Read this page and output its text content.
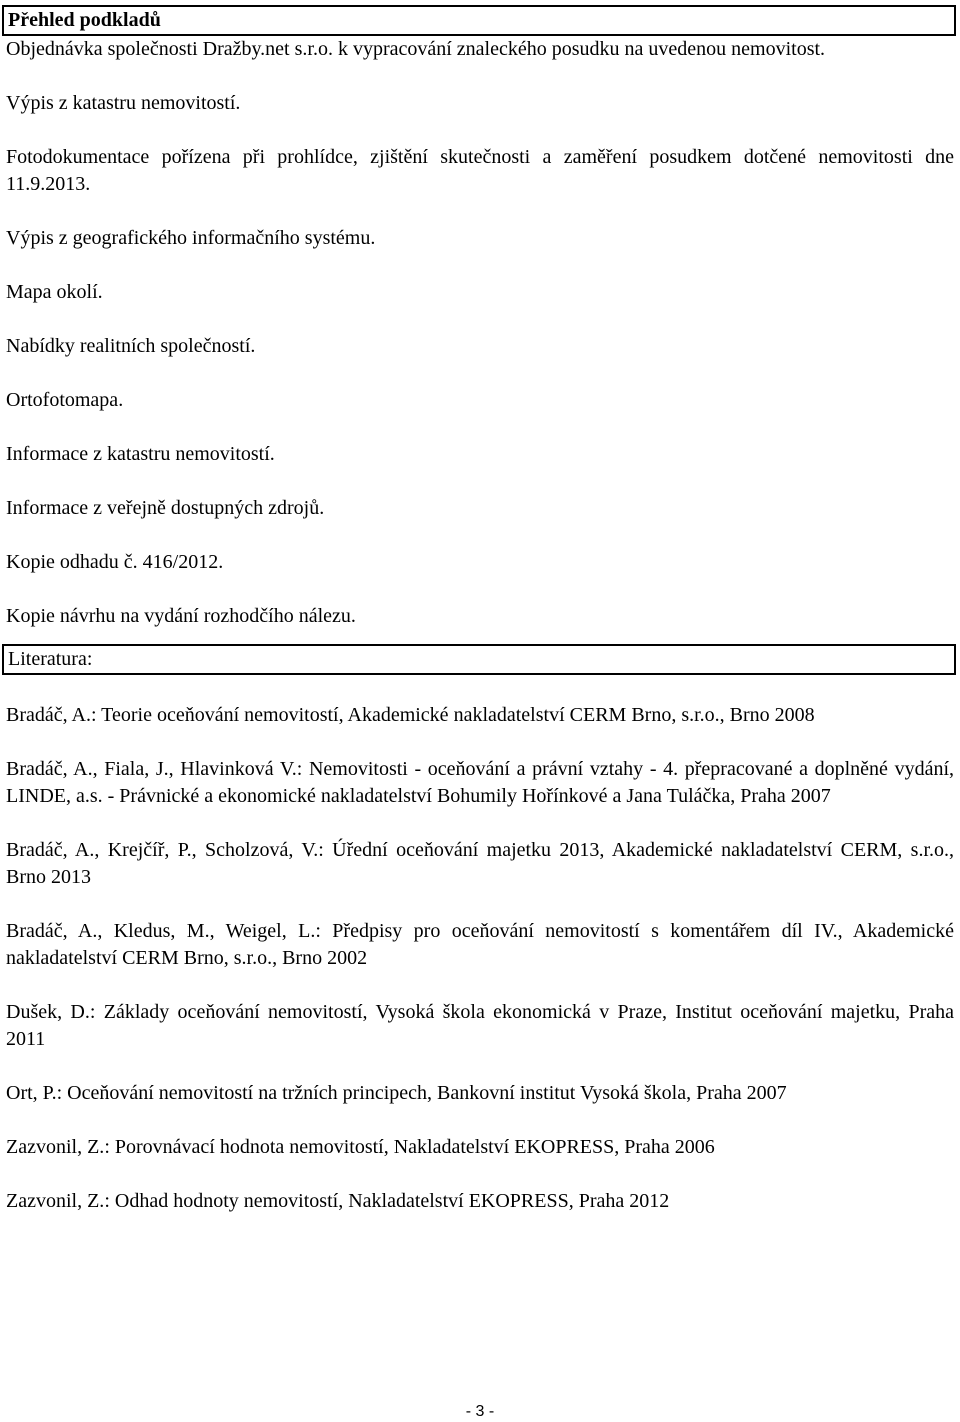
Přehled podkladů

Objednávka společnosti Dražby.net s.r.o. k vypracování znaleckého posudku na uvedenou nemovitost.

Výpis z katastru nemovitostí.

Fotodokumentace pořízena při prohlídce, zjištění skutečnosti a zaměření posudkem dotčené nemovitosti dne 11.9.2013.

Výpis z geografického informačního systému.

Mapa okolí.

Nabídky realitních společností.

Ortofotomapa.

Informace z katastru nemovitostí.

Informace z veřejně dostupných zdrojů.

Kopie odhadu č. 416/2012.

Kopie návrhu na vydání rozhodčího nálezu.

Literatura:

Bradáč, A.: Teorie oceňování nemovitostí, Akademické nakladatelství CERM Brno, s.r.o., Brno 2008

Bradáč, A., Fiala, J., Hlavinková V.: Nemovitosti - oceňování a právní vztahy - 4. přepracované a doplněné vydání, LINDE, a.s. - Právnické a ekonomické nakladatelství Bohumily Hořínkové a Jana Tuláčka, Praha 2007

Bradáč, A., Krejčíř, P., Scholzová, V.: Úřední oceňování majetku 2013, Akademické nakladatelství CERM, s.r.o., Brno 2013

Bradáč, A., Kledus, M., Weigel, L.: Předpisy pro oceňování nemovitostí s komentářem díl IV., Akademické nakladatelství CERM Brno, s.r.o., Brno 2002

Dušek, D.: Základy oceňování nemovitostí, Vysoká škola ekonomická v Praze, Institut oceňování majetku, Praha 2011

Ort, P.: Oceňování nemovitostí na tržních principech, Bankovní institut Vysoká škola, Praha 2007

Zazvonil, Z.: Porovnávací hodnota nemovitostí, Nakladatelství EKOPRESS, Praha 2006

Zazvonil, Z.: Odhad hodnoty nemovitostí, Nakladatelství EKOPRESS, Praha 2012

- 3 -
